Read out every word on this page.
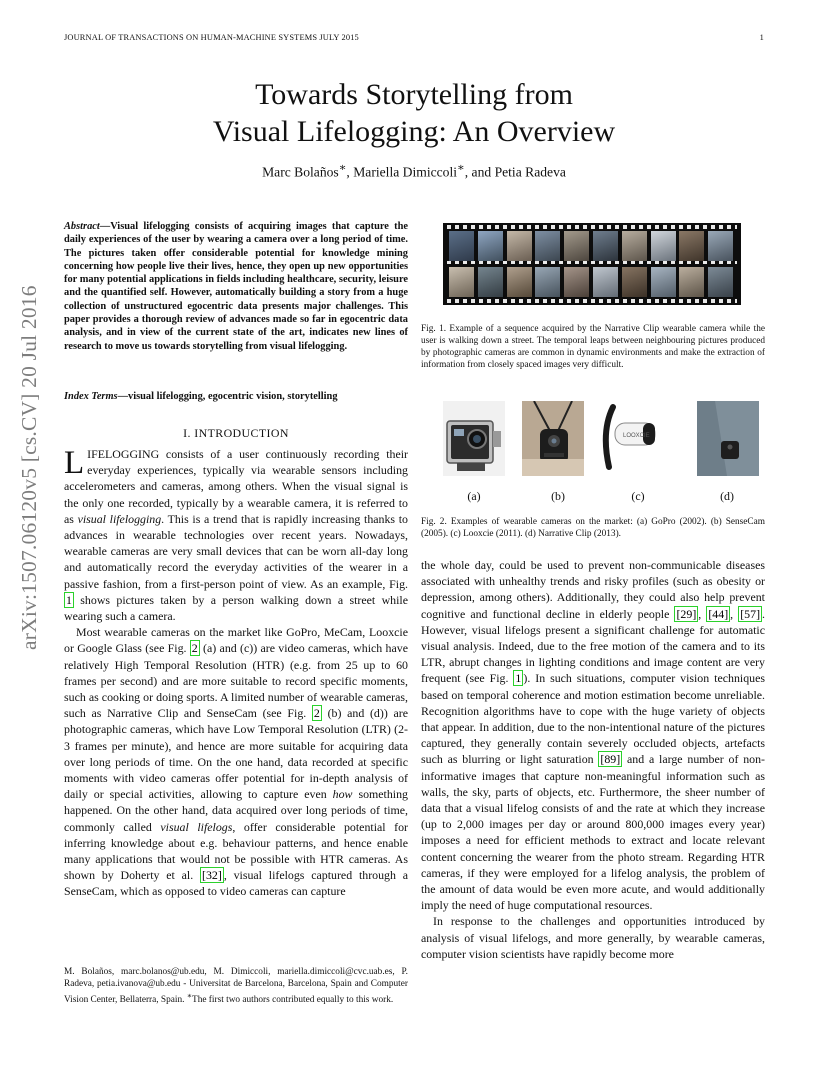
JOURNAL OF TRANSACTIONS ON HUMAN-MACHINE SYSTEMS JULY 2015	1
Towards Storytelling from
Visual Lifelogging: An Overview
Marc Bolaños∗, Mariella Dimiccoli∗, and Petia Radeva
arXiv:1507.06120v5 [cs.CV] 20 Jul 2016
Abstract—Visual lifelogging consists of acquiring images that capture the daily experiences of the user by wearing a camera over a long period of time. The pictures taken offer considerable potential for knowledge mining concerning how people live their lives, hence, they open up new opportunities for many potential applications in fields including healthcare, security, leisure and the quantified self. However, automatically building a story from a huge collection of unstructured egocentric data presents major challenges. This paper provides a thorough review of advances made so far in egocentric data analysis, and in view of the current state of the art, indicates new lines of research to move us towards storytelling from visual lifelogging.
Index Terms—visual lifelogging, egocentric vision, storytelling
I. INTRODUCTION

LIFELOGGING consists of a user continuously recording their everyday experiences, typically via wearable sensors including accelerometers and cameras, among others. When the visual signal is the only one recorded, typically by a wearable camera, it is referred to as visual lifelogging. This is a trend that is rapidly increasing thanks to advances in wearable technologies over recent years. Nowadays, wearable cameras are very small devices that can be worn all-day long and automatically record the everyday activities of the wearer in a passive fashion, from a first-person point of view. As an example, Fig. 1 shows pictures taken by a person walking down a street while wearing such a camera.

Most wearable cameras on the market like GoPro, MeCam, Looxcie or Google Glass (see Fig. 2 (a) and (c)) are video cameras, which have relatively High Temporal Resolution (HTR) (e.g. from 25 up to 60 frames per second) and are more suitable to record specific moments, such as cooking or doing sports. A limited number of wearable cameras, such as Narrative Clip and SenseCam (see Fig. 2 (b) and (d)) are photographic cameras, which have Low Temporal Resolution (LTR) (2-3 frames per minute), and hence are more suitable for acquiring data over long periods of time. On the one hand, data recorded at specific moments with video cameras offer potential for in-depth analysis of daily or special activities, allowing to capture even how something happened. On the other hand, data acquired over long periods of time, commonly called visual lifelogs, offer considerable potential for inferring knowledge about e.g. behaviour patterns, and hence enable many applications that would not be possible with HTR cameras. As shown by Doherty et al. [32] , visual lifelogs captured through a SenseCam, which as opposed to video cameras can capture

M. Bolaños, marc.bolanos@ub.edu, M. Dimiccoli, mariella.dimiccoli@cvc.uab.es, P. Radeva, petia.ivanova@ub.edu - Universitat de Barcelona, Barcelona, Spain and Computer Vision Center, Bellaterra, Spain. ∗The first two authors contributed equally to this work.
Fig. 1. Example of a sequence acquired by the Narrative Clip wearable camera while the user is walking down a street. The temporal leaps between neighbouring pictures produced by photographic cameras are common in dynamic environments and make the extraction of information from closely spaced images very difficult.
LOOXCIE
(a)	(b)	(c)	(d)
Fig. 2. Examples of wearable cameras on the market: (a) GoPro (2002). (b) SenseCam (2005). (c) Looxcie (2011). (d) Narrative Clip (2013).

the whole day, could be used to prevent non-communicable diseases associated with unhealthy trends and risky profiles (such as obesity or depression, among others). Additionally, they could also help prevent cognitive and functional decline in elderly people [29] , [44] , [57] . However, visual lifelogs present a significant challenge for automatic visual analysis. Indeed, due to the free motion of the camera and to its LTR, abrupt changes in lighting conditions and image content are very frequent (see Fig. 1 ). In such situations, computer vision techniques based on temporal coherence and motion estimation become unreliable. Recognition algorithms have to cope with the huge variety of objects that appear. In addition, due to the non-intentional nature of the pictures captured, they generally contain severely occluded objects, artefacts such as blurring or light saturation [89] and a large number of non-informative images that capture non-meaningful information such as walls, the sky, parts of objects, etc. Furthermore, the sheer number of data that a visual lifelog consists of and the rate at which they increase (up to 2,000 images per day or around 800,000 images every year) imposes a need for efficient methods to extract and locate relevant content concerning the wearer from the photo stream. Regarding HTR cameras, if they were employed for a lifelog analysis, the problem of the amount of data would be even more acute, and would additionally imply the need of huge computational resources.

In response to the challenges and opportunities introduced by analysis of visual lifelogs, and more generally, by wearable cameras, computer vision scientists have rapidly become more
